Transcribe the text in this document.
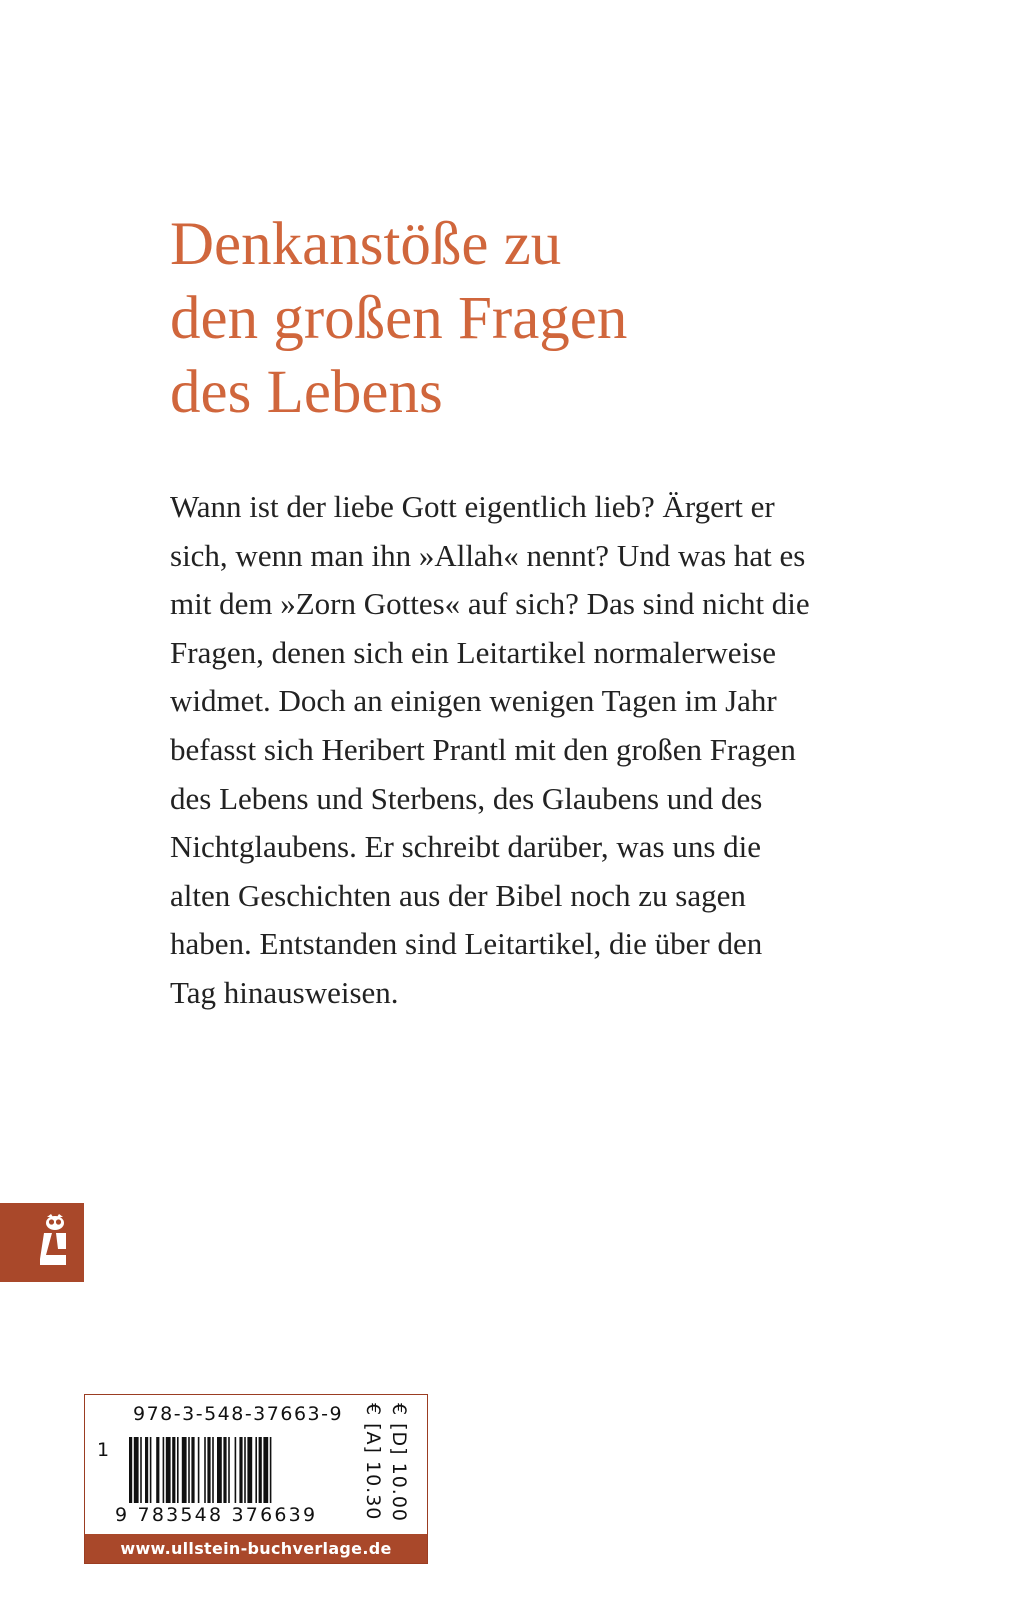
Denkanstöße zu
den großen Fragen
des Lebens
Wann ist der liebe Gott eigentlich lieb? Ärgert er
sich, wenn man ihn »Allah« nennt? Und was hat es
mit dem »Zorn Gottes« auf sich? Das sind nicht die
Fragen, denen sich ein Leitartikel normalerweise
widmet. Doch an einigen wenigen Tagen im Jahr
befasst sich Heribert Prantl mit den großen Fragen
des Lebens und Sterbens, des Glaubens und des
Nichtglaubens. Er schreibt darüber, was uns die
alten Geschichten aus der Bibel noch zu sagen
haben. Entstanden sind Leitartikel, die über den
Tag hinausweisen.
978-3-548-37663-9
1
9 783548 376639	€ [D] 10.00
€ [A] 10.30
www.ullstein-buchverlage.de
